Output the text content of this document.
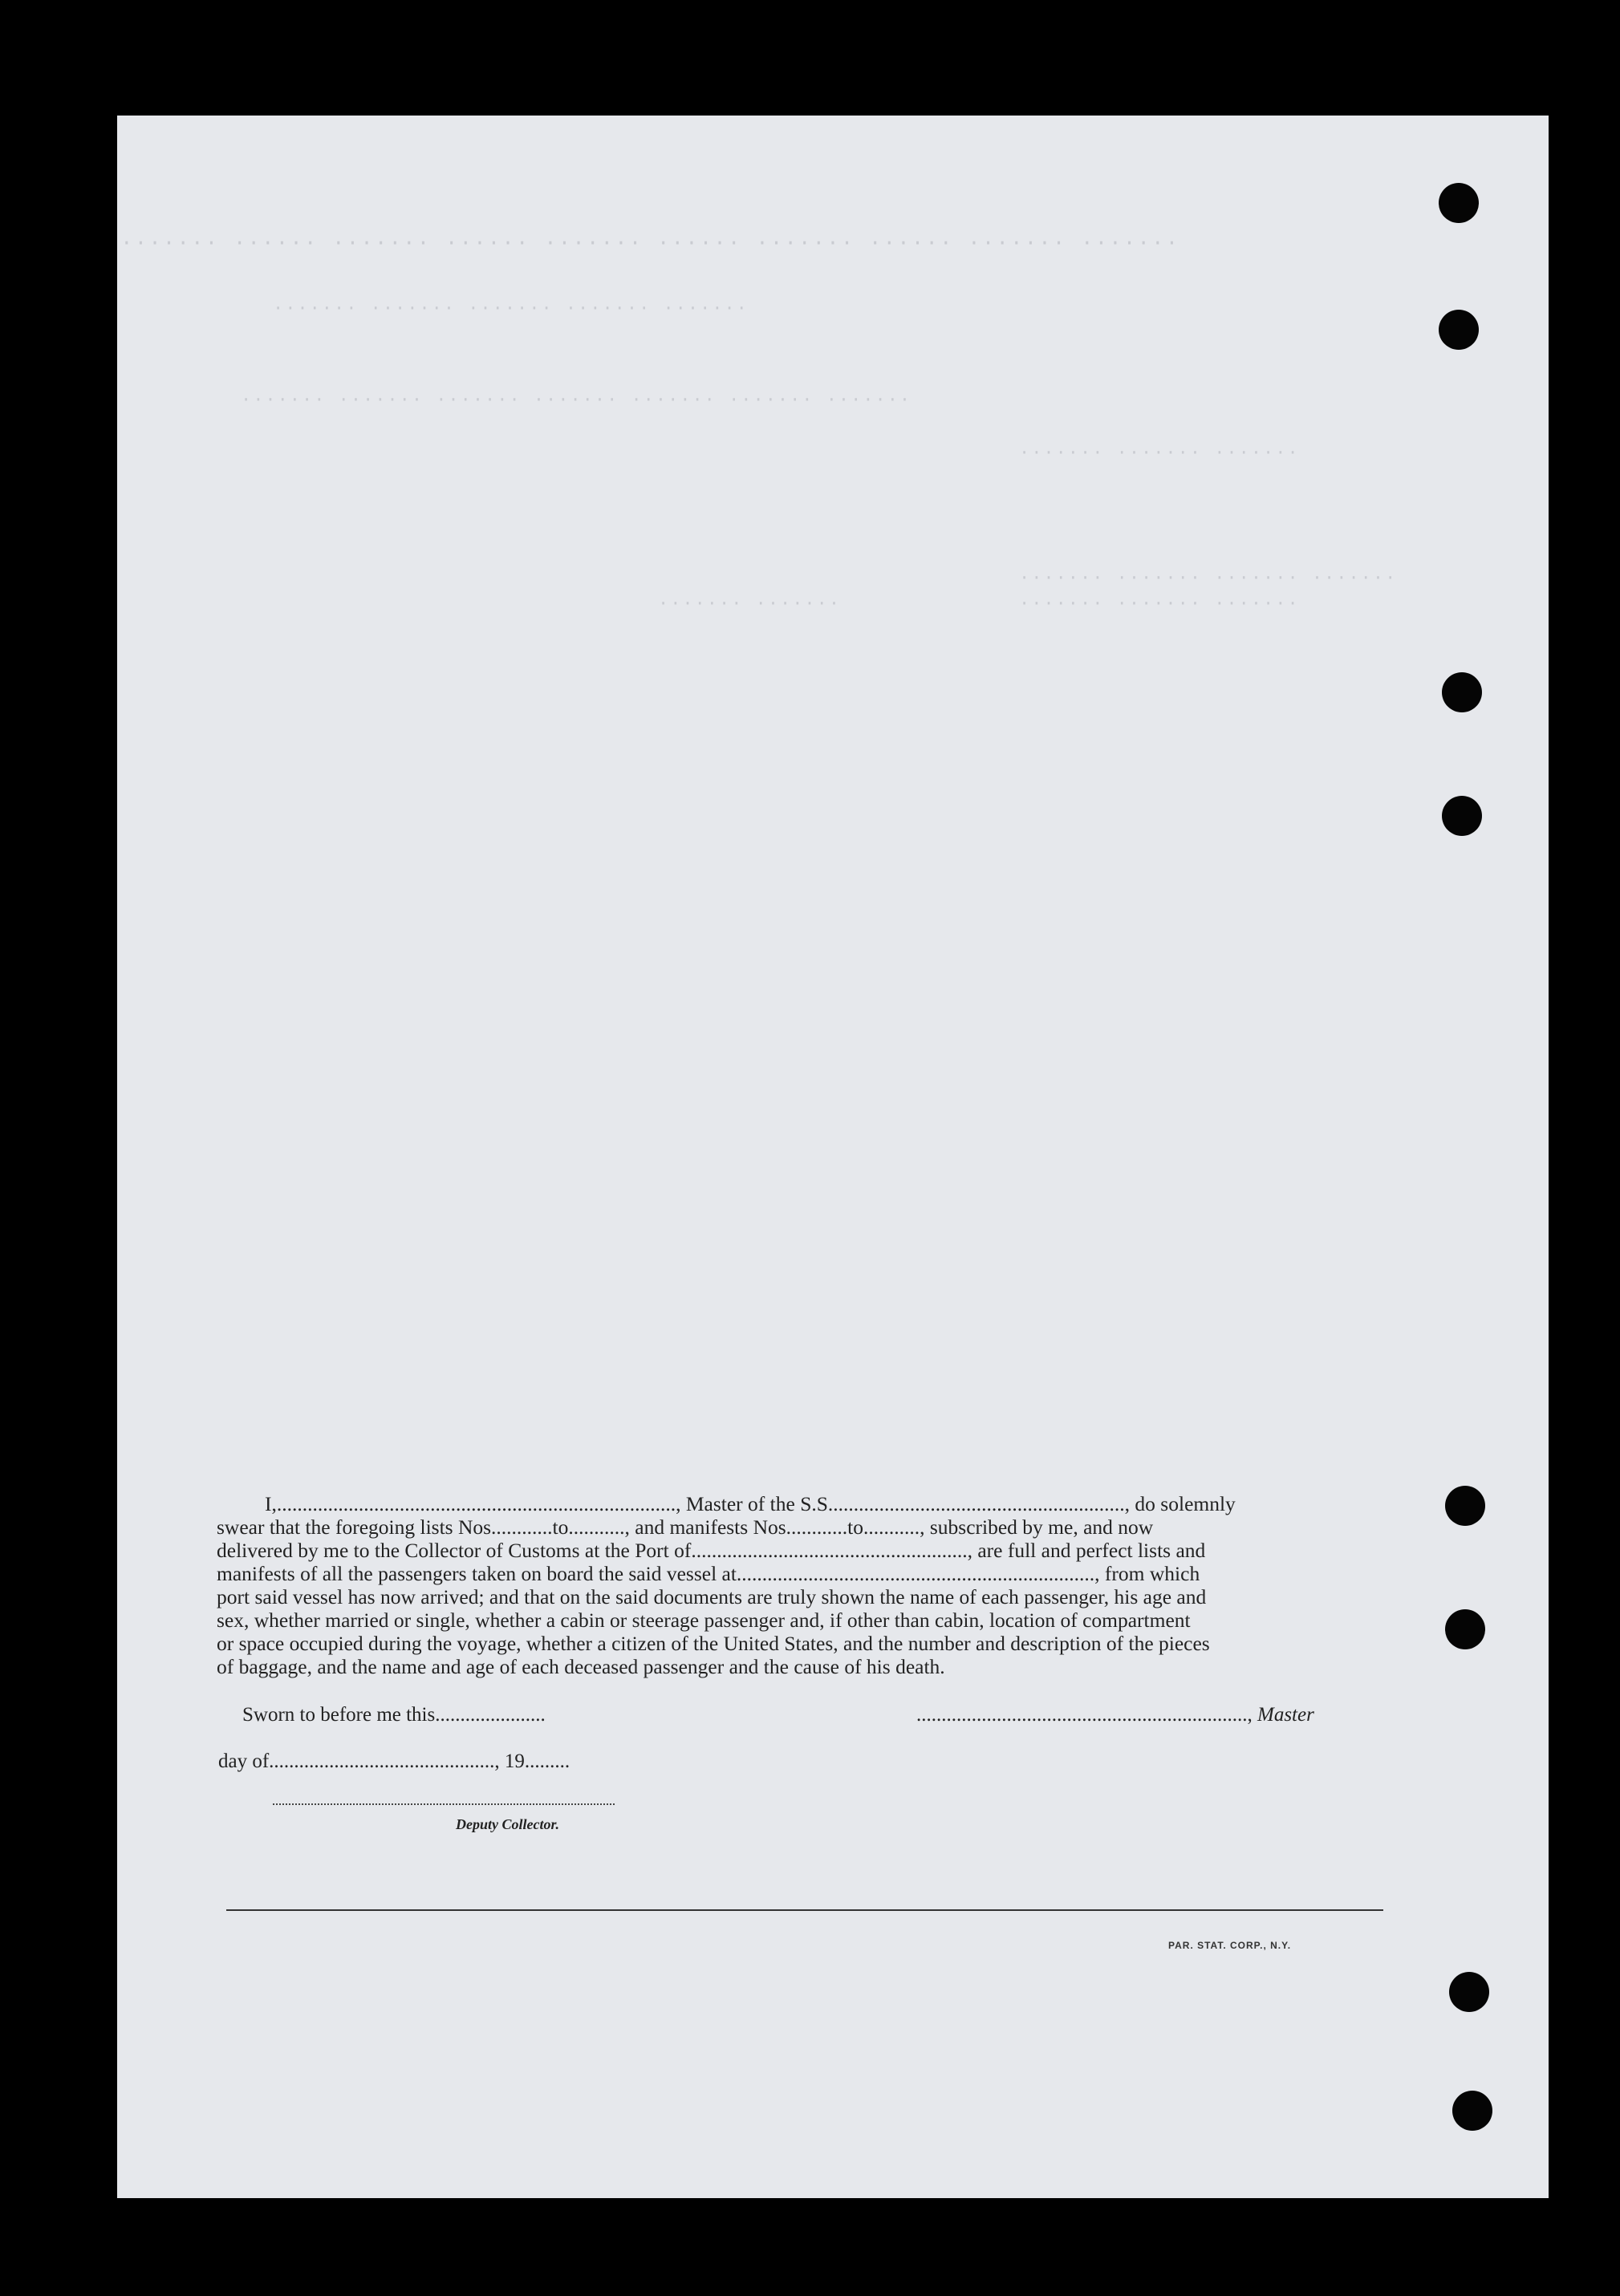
······· ······ ······· ······ ······· ······ ······· ······ ······· ·······
······· ······· ······· ······· ·······
······· ······· ······· ······· ······· ······· ·······
······· ······· ·······
······· ······· ······· ·······
······· ······· ·······
······· ·······
I,.............................................................................., Master of the S.S.........................................................., do solemnly
swear that the foregoing lists Nos............to..........., and manifests Nos............to..........., subscribed by me, and now
delivered by me to the Collector of Customs at the Port of......................................................, are full and perfect lists and
manifests of all the passengers taken on board the said vessel at......................................................................, from which
port said vessel has now arrived; and that on the said documents are truly shown the name of each passenger, his age and
sex, whether married or single, whether a cabin or steerage passenger and, if other than cabin, location of compartment
or space occupied during the voyage, whether a citizen of the United States, and the number and description of the pieces
of baggage, and the name and age of each deceased passenger and the cause of his death.
Sworn to before me this......................	.................................................................., Master
day of............................................., 19.........
Deputy Collector.
PAR. STAT. CORP., N.Y.
